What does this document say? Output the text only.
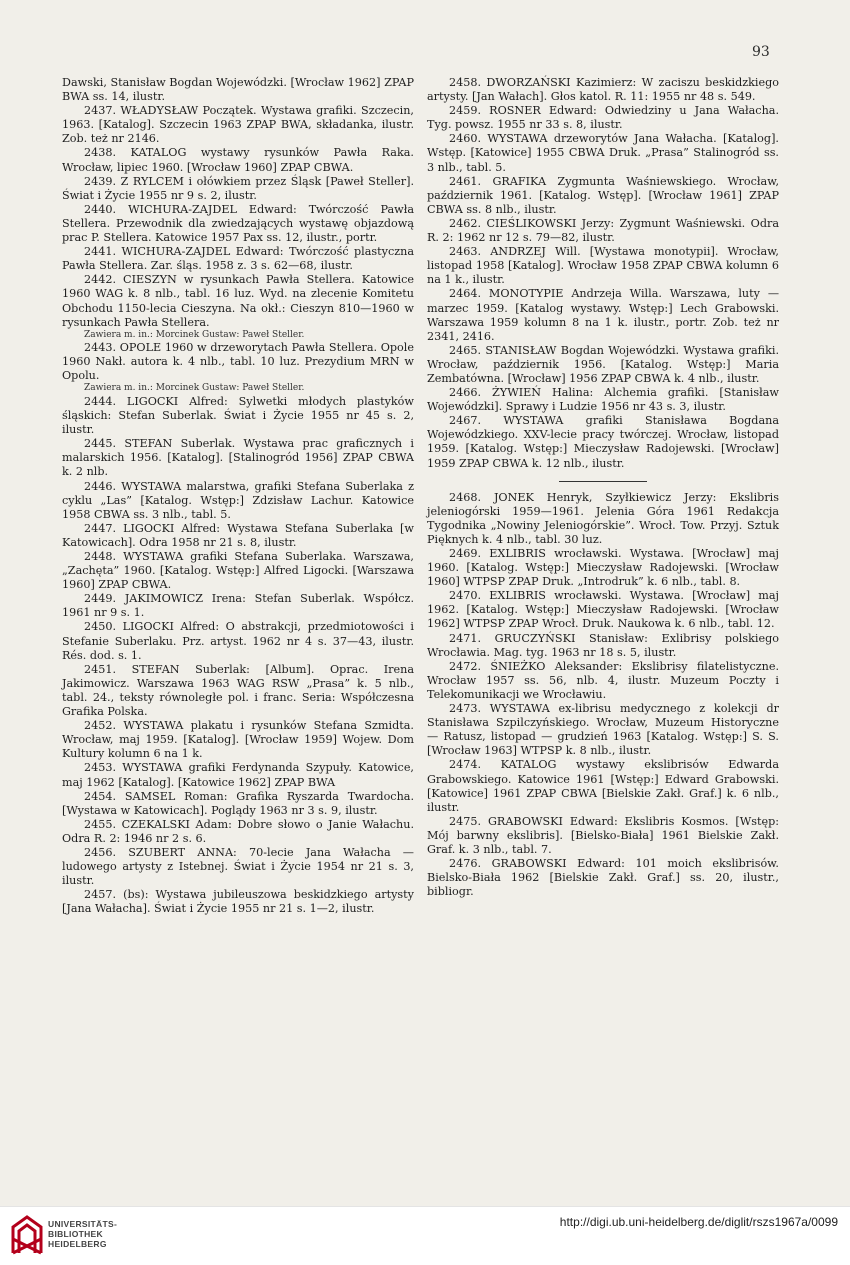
93

Dawski, Stanisław Bogdan Wojewódzki. [Wrocław 1962] ZPAP BWA ss. 14, ilustr.

2437. WŁADYSŁAW Początek. Wystawa grafiki. Szczecin, 1963. [Katalog]. Szczecin 1963 ZPAP BWA, składanka, ilustr. Zob. też nr 2146.

2438. KATALOG wystawy rysunków Pawła Raka. Wrocław, lipiec 1960. [Wrocław 1960] ZPAP CBWA.

2439. Z RYLCEM i ołówkiem przez Śląsk [Paweł Steller]. Świat i Życie 1955 nr 9 s. 2, ilustr.

2440. WICHURA-ZAJDEL Edward: Twórczość Pawła Stellera. Przewodnik dla zwiedzających wystawę objazdową prac P. Stellera. Katowice 1957 Pax ss. 12, ilustr., portr.

2441. WICHURA-ZAJDEL Edward: Twórczość plastyczna Pawła Stellera. Zar. śląs. 1958 z. 3 s. 62—68, ilustr.

2442. CIESZYN w rysunkach Pawła Stellera. Katowice 1960 WAG k. 8 nlb., tabl. 16 luz. Wyd. na zlecenie Komitetu Obchodu 1150-lecia Cieszyna. Na okł.: Cieszyn 810—1960 w rysunkach Pawła Stellera.

Zawiera m. in.: Morcinek Gustaw: Paweł Steller.

2443. OPOLE 1960 w drzeworytach Pawła Stellera. Opole 1960 Nakł. autora k. 4 nlb., tabl. 10 luz. Prezydium MRN w Opolu.

Zawiera m. in.: Morcinek Gustaw: Paweł Steller.

2444. LIGOCKI Alfred: Sylwetki młodych plastyków śląskich: Stefan Suberlak. Świat i Życie 1955 nr 45 s. 2, ilustr.

2445. STEFAN Suberlak. Wystawa prac graficznych i malarskich 1956. [Katalog]. [Stalinogród 1956] ZPAP CBWA k. 2 nlb.

2446. WYSTAWA malarstwa, grafiki Stefana Suberlaka z cyklu „Las” [Katalog. Wstęp:] Zdzisław Lachur. Katowice 1958 CBWA ss. 3 nlb., tabl. 5.

2447. LIGOCKI Alfred: Wystawa Stefana Suberlaka [w Katowicach]. Odra 1958 nr 21 s. 8, ilustr.

2448. WYSTAWA grafiki Stefana Suberlaka. Warszawa, „Zachęta” 1960. [Katalog. Wstęp:] Alfred Ligocki. [Warszawa 1960] ZPAP CBWA.

2449. JAKIMOWICZ Irena: Stefan Suberlak. Współcz. 1961 nr 9 s. 1.

2450. LIGOCKI Alfred: O abstrakcji, przedmiotowości i Stefanie Suberlaku. Prz. artyst. 1962 nr 4 s. 37—43, ilustr. Rés. dod. s. 1.

2451. STEFAN Suberlak: [Album]. Oprac. Irena Jakimowicz. Warszawa 1963 WAG RSW „Prasa” k. 5 nlb., tabl. 24., teksty równoległe pol. i franc. Seria: Współczesna Grafika Polska.

2452. WYSTAWA plakatu i rysunków Stefana Szmidta. Wrocław, maj 1959. [Katalog]. [Wrocław 1959] Wojew. Dom Kultury kolumn 6 na 1 k.

2453. WYSTAWA grafiki Ferdynanda Szypuły. Katowice, maj 1962 [Katalog]. [Katowice 1962] ZPAP BWA

2454. SAMSEL Roman: Grafika Ryszarda Twardocha. [Wystawa w Katowicach]. Poglądy 1963 nr 3 s. 9, ilustr.

2455. CZEKALSKI Adam: Dobre słowo o Janie Wałachu. Odra R. 2: 1946 nr 2 s. 6.

2456. SZUBERT ANNA: 70-lecie Jana Wałacha — ludowego artysty z Istebnej. Świat i Życie 1954 nr 21 s. 3, ilustr.

2457. (bs): Wystawa jubileuszowa beskidzkiego artysty [Jana Wałacha]. Świat i Życie 1955 nr 21 s. 1—2, ilustr.

2458. DWORZAŃSKI Kazimierz: W zaciszu beskidzkiego artysty. [Jan Wałach]. Głos katol. R. 11: 1955 nr 48 s. 549.

2459. ROSNER Edward: Odwiedziny u Jana Wałacha. Tyg. powsz. 1955 nr 33 s. 8, ilustr.

2460. WYSTAWA drzeworytów Jana Wałacha. [Katalog]. Wstęp. [Katowice] 1955 CBWA Druk. „Prasa” Stalinogród ss. 3 nlb., tabl. 5.

2461. GRAFIKA Zygmunta Waśniewskiego. Wrocław, październik 1961. [Katalog. Wstęp]. [Wrocław 1961] ZPAP CBWA ss. 8 nlb., ilustr.

2462. CIEŚLIKOWSKI Jerzy: Zygmunt Waśniewski. Odra R. 2: 1962 nr 12 s. 79—82, ilustr.

2463. ANDRZEJ Will. [Wystawa monotypii]. Wrocław, listopad 1958 [Katalog]. Wrocław 1958 ZPAP CBWA kolumn 6 na 1 k., ilustr.

2464. MONOTYPIE Andrzeja Willa. Warszawa, luty — marzec 1959. [Katalog wystawy. Wstęp:] Lech Grabowski. Warszawa 1959 kolumn 8 na 1 k. ilustr., portr. Zob. też nr 2341, 2416.

2465. STANISŁAW Bogdan Wojewódzki. Wystawa grafiki. Wrocław, październik 1956. [Katalog. Wstęp:] Maria Zembatówna. [Wrocław] 1956 ZPAP CBWA k. 4 nlb., ilustr.

2466. ŻYWIEŃ Halina: Alchemia grafiki. [Stanisław Wojewódzki]. Sprawy i Ludzie 1956 nr 43 s. 3, ilustr.

2467. WYSTAWA grafiki Stanisława Bogdana Wojewódzkiego. XXV-lecie pracy twórczej. Wrocław, listopad 1959. [Katalog. Wstęp:] Mieczysław Radojewski. [Wrocław] 1959 ZPAP CBWA k. 12 nlb., ilustr.

2468. JONEK Henryk, Szyłkiewicz Jerzy: Ekslibris jeleniogórski 1959—1961. Jelenia Góra 1961 Redakcja Tygodnika „Nowiny Jeleniogórskie”. Wrocł. Tow. Przyj. Sztuk Pięknych k. 4 nlb., tabl. 30 luz.

2469. EXLIBRIS wrocławski. Wystawa. [Wrocław] maj 1960. [Katalog. Wstęp:] Mieczysław Radojewski. [Wrocław 1960] WTPSP ZPAP Druk. „Introdruk” k. 6 nlb., tabl. 8.

2470. EXLIBRIS wrocławski. Wystawa. [Wrocław] maj 1962. [Katalog. Wstęp:] Mieczysław Radojewski. [Wrocław 1962] WTPSP ZPAP Wrocł. Druk. Naukowa k. 6 nlb., tabl. 12.

2471. GRUCZYŃSKI Stanisław: Exlibrisy polskiego Wrocławia. Mag. tyg. 1963 nr 18 s. 5, ilustr.

2472. ŚNIEŻKO Aleksander: Ekslibrisy filatelistyczne. Wrocław 1957 ss. 56, nlb. 4, ilustr. Muzeum Poczty i Telekomunikacji we Wrocławiu.

2473. WYSTAWA ex-librisu medycznego z kolekcji dr Stanisława Szpilczyńskiego. Wrocław, Muzeum Historyczne — Ratusz, listopad — grudzień 1963 [Katalog. Wstęp:] S. S. [Wrocław 1963] WTPSP k. 8 nlb., ilustr.

2474. KATALOG wystawy ekslibrisów Edwarda Grabowskiego. Katowice 1961 [Wstęp:] Edward Grabowski. [Katowice] 1961 ZPAP CBWA [Bielskie Zakł. Graf.] k. 6 nlb., ilustr.

2475. GRABOWSKI Edward: Ekslibris Kosmos. [Wstęp: Mój barwny ekslibris]. [Bielsko-Biała] 1961 Bielskie Zakł. Graf. k. 3 nlb., tabl. 7.

2476. GRABOWSKI Edward: 101 moich ekslibrisów. Bielsko-Biała 1962 [Bielskie Zakł. Graf.] ss. 20, ilustr., bibliogr.

UNIVERSITÄTS-
BIBLIOTHEK
HEIDELBERG
http://digi.ub.uni-heidelberg.de/diglit/rszs1967a/0099
